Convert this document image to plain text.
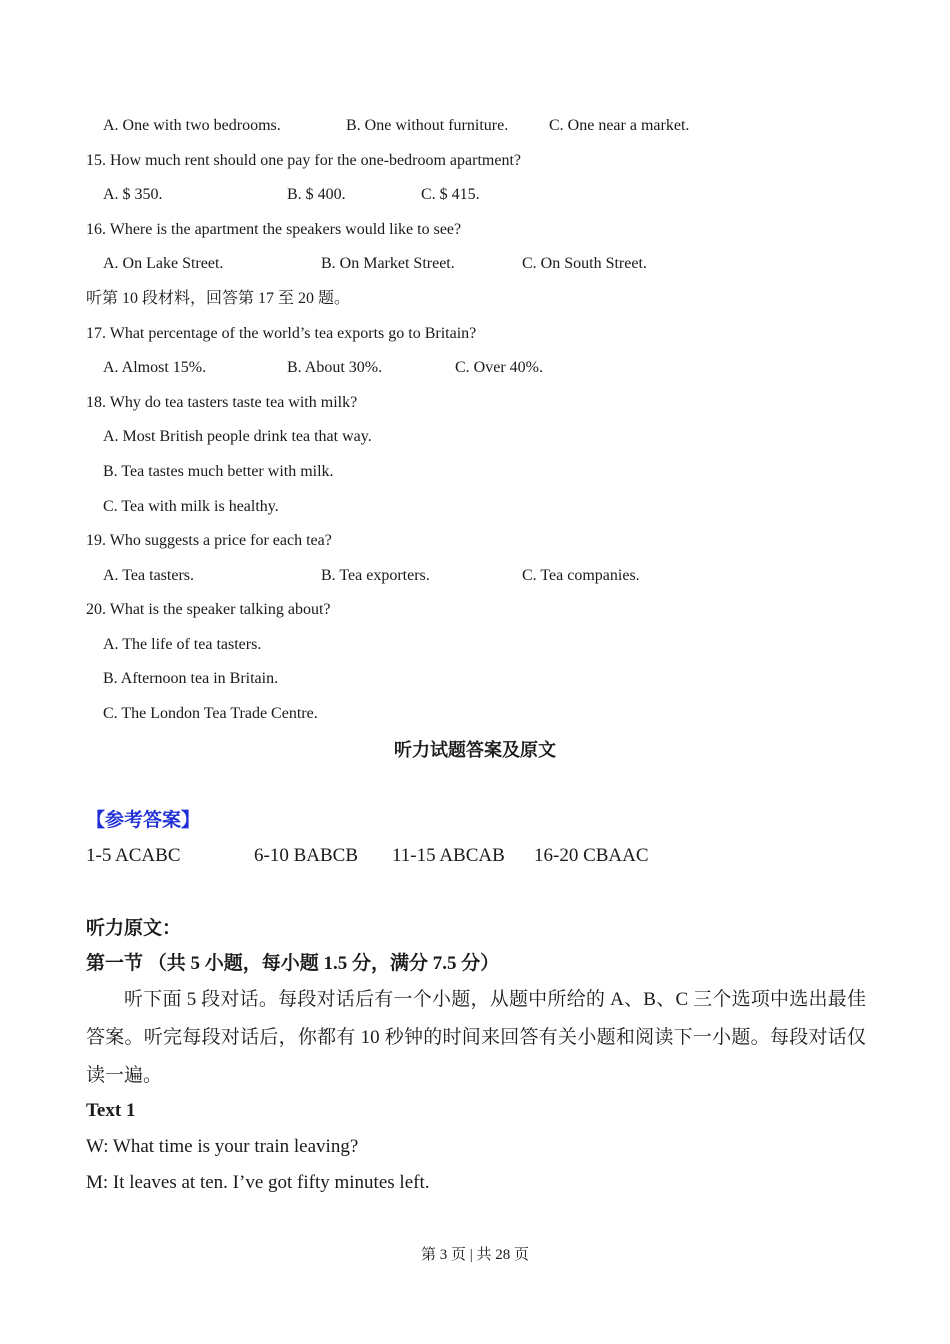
A. One with two bedrooms.	B. One without furniture.	C. One near a market.
15. How much rent should one pay for the one-bedroom apartment?
A. $ 350.	B. $ 400.	C. $ 415.
16. Where is the apartment the speakers would like to see?
A. On Lake Street.	B. On Market Street.	C. On South Street.
听第 10 段材料，回答第 17 至 20 题。
17. What percentage of the world’s tea exports go to Britain?
A. Almost 15%.	B. About 30%.	C. Over 40%.
18. Why do tea tasters taste tea with milk?
A. Most British people drink tea that way.
B. Tea tastes much better with milk.
C. Tea with milk is healthy.
19. Who suggests a price for each tea?
A. Tea tasters.	B. Tea exporters.	C. Tea companies.
20. What is the speaker talking about?
A. The life of tea tasters.
B. Afternoon tea in Britain.
C. The London Tea Trade Centre.
听力试题答案及原文
【参考答案】
1-5 ACABC	6-10 BABCB 11-15 ABCAB 16-20 CBAAC
听力原文：
第一节 （共 5 小题，每小题 1.5 分，满分 7.5 分）
听下面 5 段对话。每段对话后有一个小题，从题中所给的 A、B、C 三个选项中选出最佳答案。听完每段对话后，你都有 10 秒钟的时间来回答有关小题和阅读下一小题。每段对话仅读一遍。
Text 1
W: What time is your train leaving?
M: It leaves at ten. I’ve got fifty minutes left.
第 3 页 | 共 28 页
